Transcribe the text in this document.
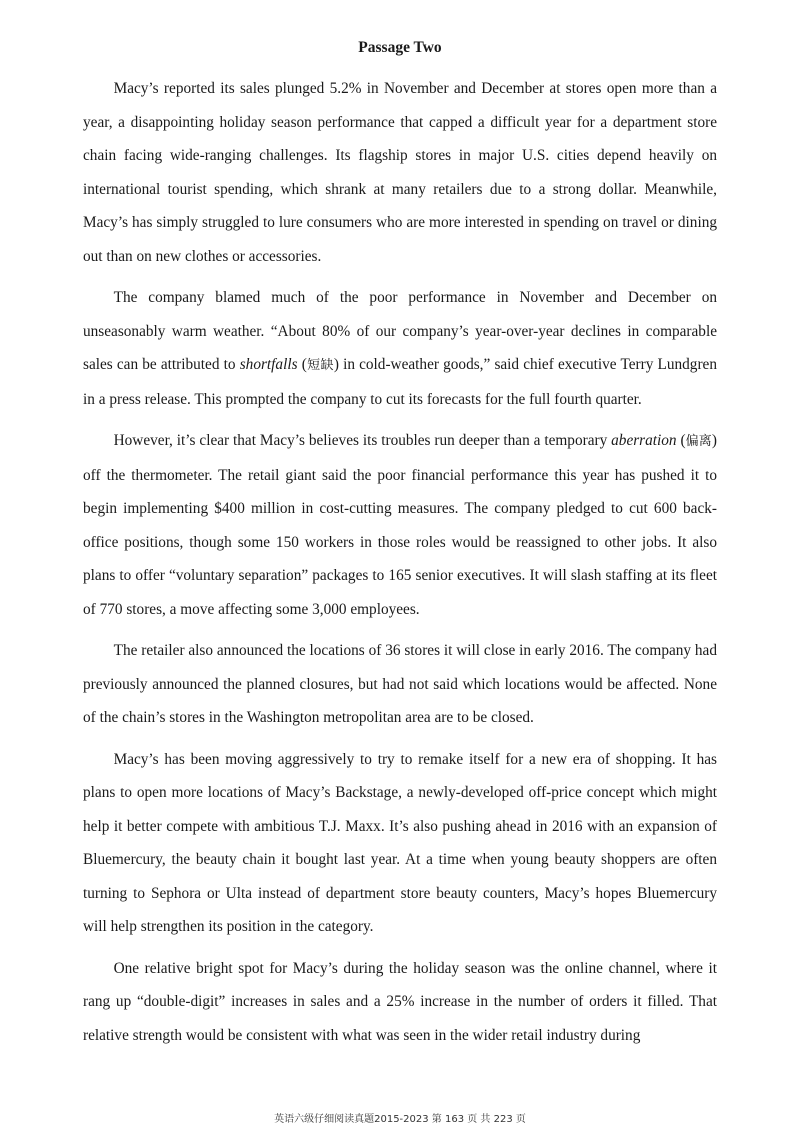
Passage Two

Macy’s reported its sales plunged 5.2% in November and December at stores open more than a year, a disappointing holiday season performance that capped a difficult year for a department store chain facing wide-ranging challenges. Its flagship stores in major U.S. cities depend heavily on international tourist spending, which shrank at many retailers due to a strong dollar. Meanwhile, Macy’s has simply struggled to lure consumers who are more interested in spending on travel or dining out than on new clothes or accessories.

The company blamed much of the poor performance in November and December on unseasonably warm weather. “About 80% of our company’s year-over-year declines in comparable sales can be attributed to shortfalls (短缺) in cold-weather goods,” said chief executive Terry Lundgren in a press release. This prompted the company to cut its forecasts for the full fourth quarter.

However, it’s clear that Macy’s believes its troubles run deeper than a temporary aberration (偏离) off the thermometer. The retail giant said the poor financial performance this year has pushed it to begin implementing $400 million in cost-cutting measures. The company pledged to cut 600 back-office positions, though some 150 workers in those roles would be reassigned to other jobs. It also plans to offer “voluntary separation” packages to 165 senior executives. It will slash staffing at its fleet of 770 stores, a move affecting some 3,000 employees.

The retailer also announced the locations of 36 stores it will close in early 2016. The company had previously announced the planned closures, but had not said which locations would be affected. None of the chain’s stores in the Washington metropolitan area are to be closed.

Macy’s has been moving aggressively to try to remake itself for a new era of shopping. It has plans to open more locations of Macy’s Backstage, a newly-developed off-price concept which might help it better compete with ambitious T.J. Maxx. It’s also pushing ahead in 2016 with an expansion of Bluemercury, the beauty chain it bought last year. At a time when young beauty shoppers are often turning to Sephora or Ulta instead of department store beauty counters, Macy’s hopes Bluemercury will help strengthen its position in the category.

One relative bright spot for Macy’s during the holiday season was the online channel, where it rang up “double-digit” increases in sales and a 25% increase in the number of orders it filled. That relative strength would be consistent with what was seen in the wider retail industry during

英语六级仔细阅读真题2015-2023 第 163 页 共 223 页
